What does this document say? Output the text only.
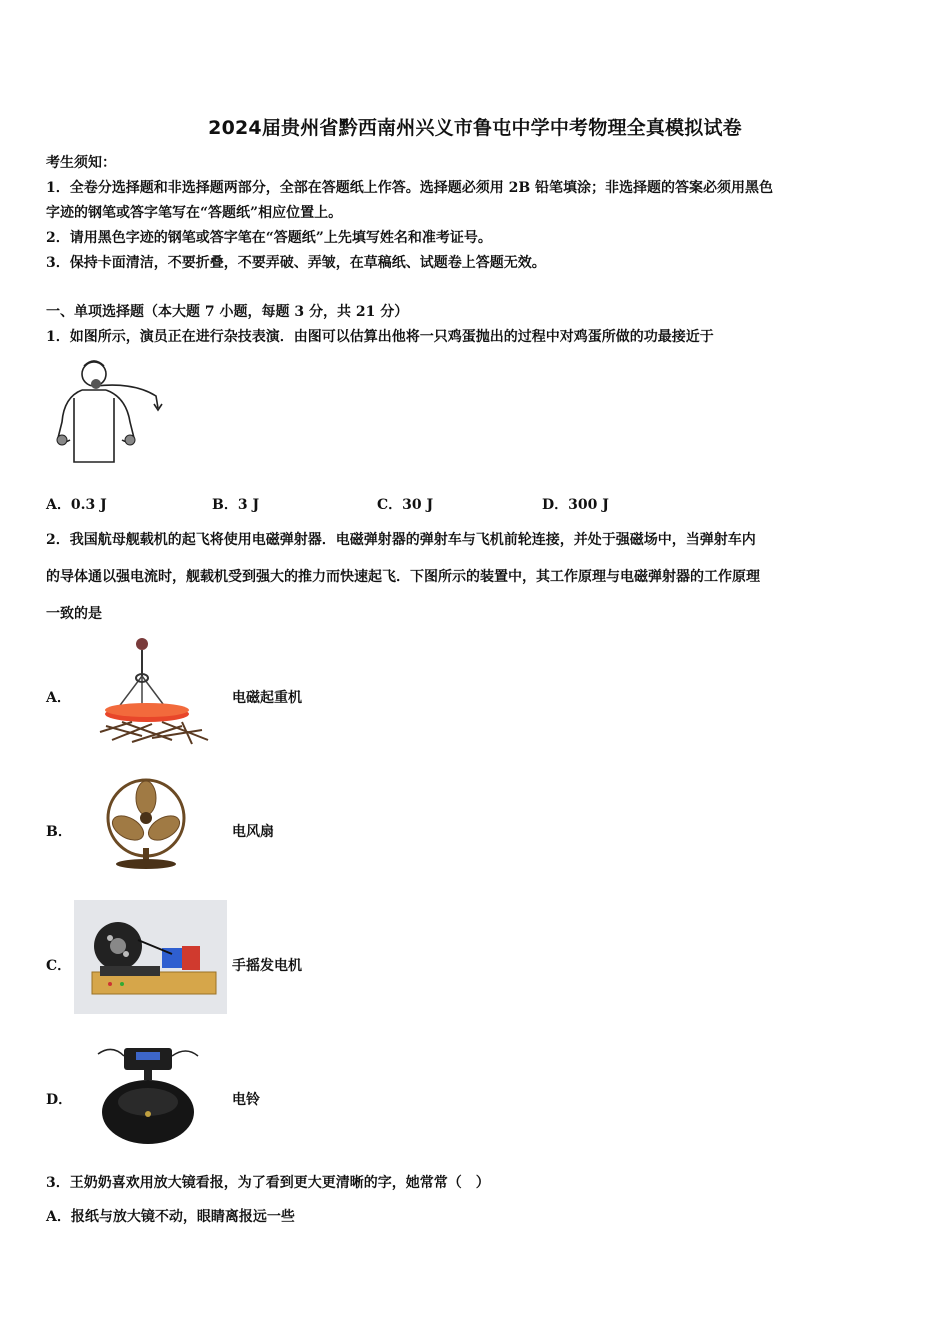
2024届贵州省黔西南州兴义市鲁屯中学中考物理全真模拟试卷
考生须知：
1．全卷分选择题和非选择题两部分，全部在答题纸上作答。选择题必须用 2B 铅笔填涂；非选择题的答案必须用黑色
字迹的钢笔或答字笔写在“答题纸”相应位置上。
2．请用黑色字迹的钢笔或答字笔在“答题纸”上先填写姓名和准考证号。
3．保持卡面清洁，不要折叠，不要弄破、弄皱，在草稿纸、试题卷上答题无效。
一、单项选择题（本大题 7 小题，每题 3 分，共 21 分）
1．如图所示，演员正在进行杂技表演．由图可以估算出他将一只鸡蛋抛出的过程中对鸡蛋所做的功最接近于
A．0.3 J	B．3 J	C．30 J	D．300 J
2．我国航母舰载机的起飞将使用电磁弹射器．电磁弹射器的弹射车与飞机前轮连接，并处于强磁场中，当弹射车内
的导体通以强电流时，舰载机受到强大的推力而快速起飞．下图所示的装置中，其工作原理与电磁弹射器的工作原理
一致的是
A．	电磁起重机
B．	电风扇
C．	手摇发电机
D．	电铃
3．王奶奶喜欢用放大镜看报，为了看到更大更清晰的字，她常常（　）
A．报纸与放大镜不动，眼睛离报远一些
